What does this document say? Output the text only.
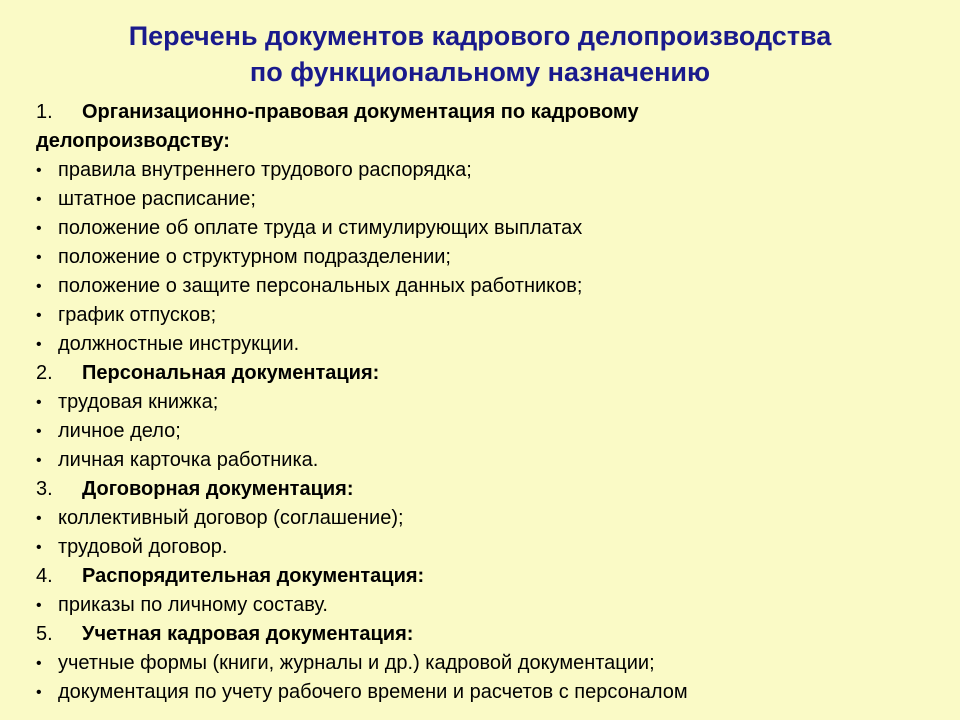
Перечень документов кадрового делопроизводства
по функциональному назначению
1. Организационно-правовая документация по кадровому
делопроизводству:
• правила внутреннего трудового распорядка;
• штатное расписание;
• положение об оплате труда и стимулирующих выплатах
• положение о структурном подразделении;
• положение о защите персональных данных работников;
• график отпусков;
• должностные инструкции.
2. Персональная документация:
• трудовая книжка;
• личное дело;
• личная карточка работника.
3. Договорная документация:
• коллективный договор (соглашение);
• трудовой договор.
4. Распорядительная документация:
• приказы по личному составу.
5. Учетная кадровая документация:
• учетные формы (книги, журналы и др.) кадровой документации;
• документация по учету рабочего времени и расчетов с персоналом
